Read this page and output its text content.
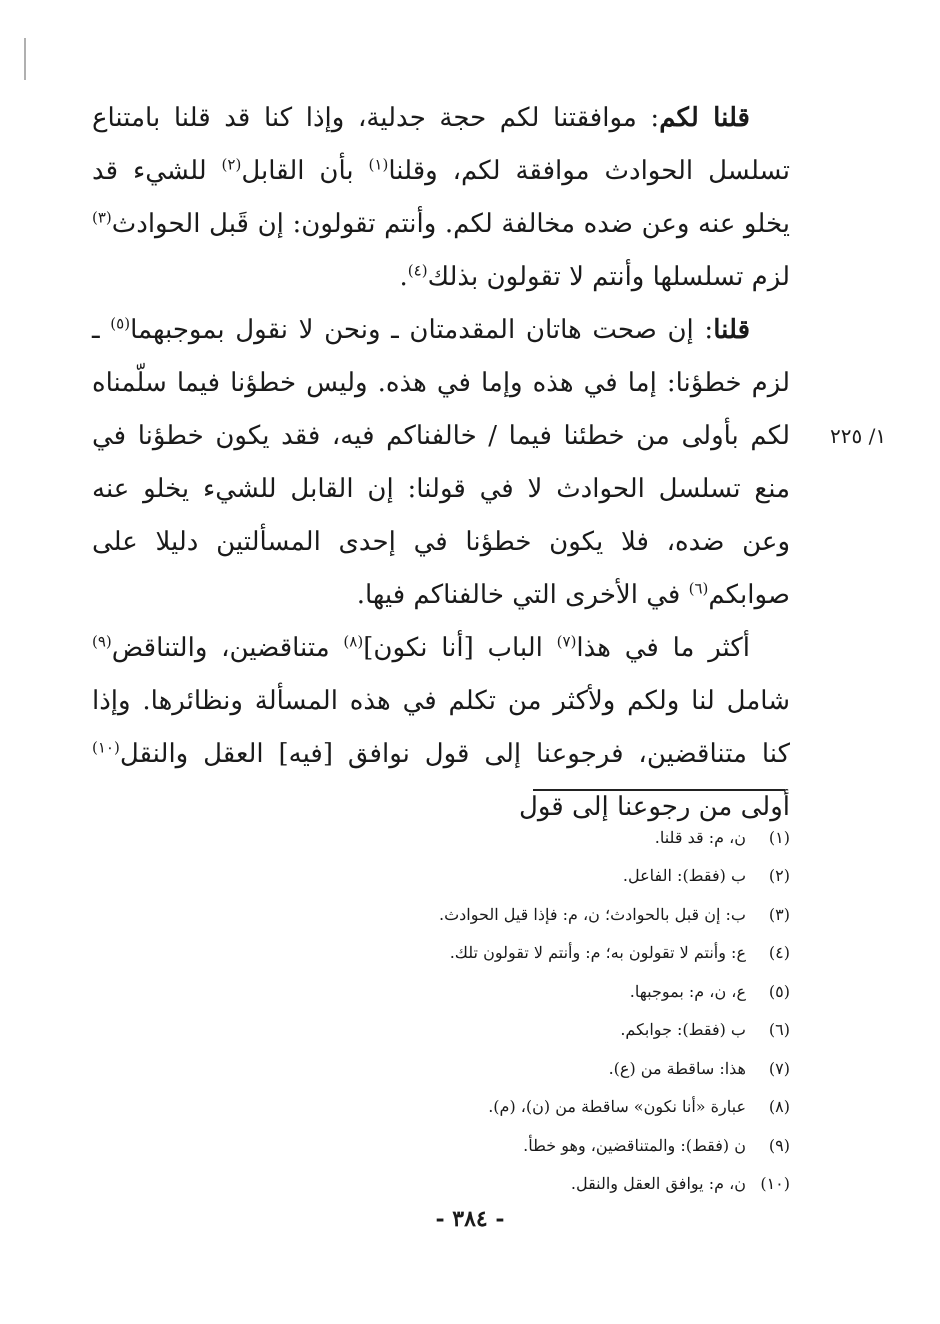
قلنا لكم: موافقتنا لكم حجة جدلية، وإذا كنا قد قلنا بامتناع تسلسل الحوادث موافقة لكم، وقلنا$^{(١)}$ بأن القابل$^{(٢)}$ للشيء قد يخلو عنه وعن ضده مخالفة لكم. وأنتم تقولون: إن قَبل الحوادث$^{(٣)}$ لزم تسلسلها وأنتم لا تقولون بذلك$^{(٤)}$.

قلنا: إن صحت هاتان المقدمتان ـ ونحن لا نقول بموجبهما$^{(٥)}$ ـ لزم خطؤنا: إما في هذه وإما في هذه. وليس خطؤنا فيما سلّمناه لكم بأولى من خطئنا فيما / خالفناكم فيه، فقد يكون خطؤنا في منع تسلسل الحوادث لا في قولنا: إن القابل للشيء يخلو عنه وعن ضده، فلا يكون خطؤنا في إحدى المسألتين دليلا على صوابكم$^{(٦)}$ في الأخرى التي خالفناكم فيها.

أكثر ما في هذا$^{(٧)}$ الباب [أنا نكون]$^{(٨)}$ متناقضين، والتناقض$^{(٩)}$ شامل لنا ولكم ولأكثر من تكلم في هذه المسألة ونظائرها. وإذا كنا متناقضين، فرجوعنا إلى قول نوافق [فيه] العقل والنقل$^{(١٠)}$ أولى من رجوعنا إلى قول

١/ ٢٢٥
(١)
ن، م: قد قلنا.
(٢)
ب (فقط): الفاعل.
(٣)
ب: إن قبل بالحوادث؛ ن، م: فإذا قيل الحوادث.
(٤)
ع: وأنتم لا تقولون به؛ م: وأنتم لا تقولون تلك.
(٥)
ع، ن، م: بموجبها.
(٦)
ب (فقط): جوابكم.
(٧)
هذا: ساقطة من (ع).
(٨)
عبارة «أنا نكون» ساقطة من (ن)، (م).
(٩)
ن (فقط): والمتناقضين، وهو خطأ.
(١٠)
ن، م: يوافق العقل والنقل.
- ٣٨٤ -
